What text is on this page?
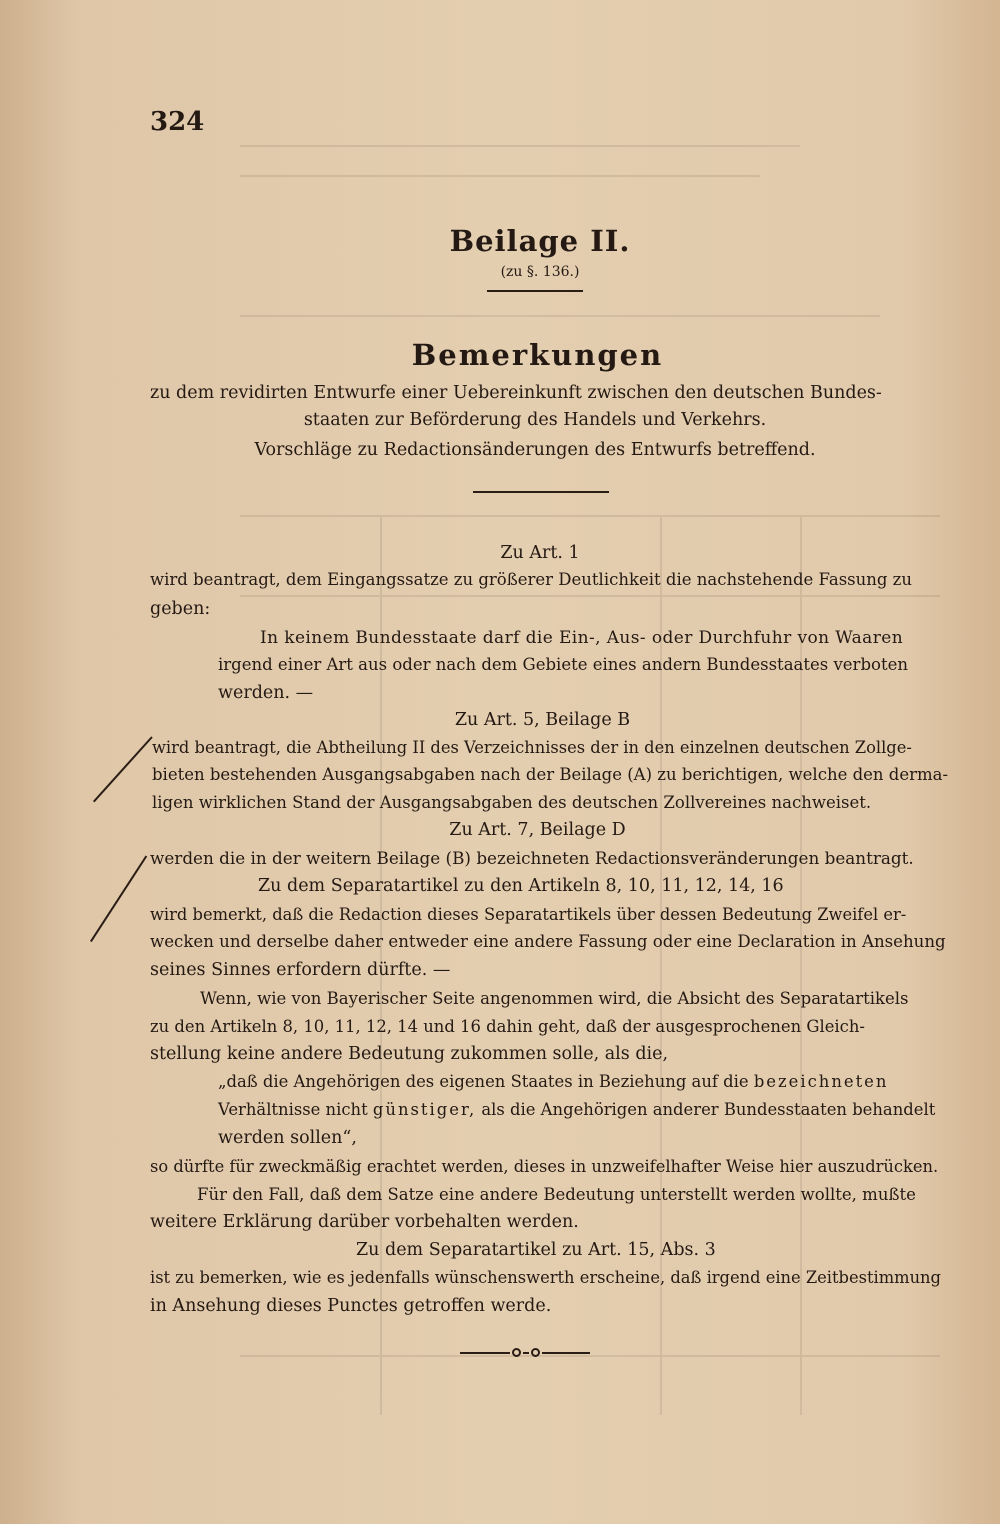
324
Beilage II.
(zu §. 136.)
Bemerkungen
zu dem revidirten Entwurfe einer Uebereinkunft zwischen den deutschen Bundes-
staaten zur Beförderung des Handels und Verkehrs.
Vorschläge zu Redactionsänderungen des Entwurfs betreffend.
Zu Art. 1
wird beantragt, dem Eingangssatze zu größerer Deutlichkeit die nachstehende Fassung zu
geben:
In keinem Bundesstaate darf die Ein-, Aus- oder Durchfuhr von Waaren
irgend einer Art aus oder nach dem Gebiete eines andern Bundesstaates verboten
werden. —
Zu Art. 5, Beilage B
wird beantragt, die Abtheilung II des Verzeichnisses der in den einzelnen deutschen Zollge-
bieten bestehenden Ausgangsabgaben nach der Beilage (A) zu berichtigen, welche den derma-
ligen wirklichen Stand der Ausgangsabgaben des deutschen Zollvereines nachweiset.
Zu Art. 7, Beilage D
werden die in der weitern Beilage (B) bezeichneten Redactionsveränderungen beantragt.
Zu dem Separatartikel zu den Artikeln 8, 10, 11, 12, 14, 16
wird bemerkt, daß die Redaction dieses Separatartikels über dessen Bedeutung Zweifel er-
wecken und derselbe daher entweder eine andere Fassung oder eine Declaration in Ansehung
seines Sinnes erfordern dürfte. —
Wenn, wie von Bayerischer Seite angenommen wird, die Absicht des Separatartikels
zu den Artikeln 8, 10, 11, 12, 14 und 16 dahin geht, daß der ausgesprochenen Gleich-
stellung keine andere Bedeutung zukommen solle, als die,
„daß die Angehörigen des eigenen Staates in Beziehung auf die bezeichneten
Verhältnisse nicht günstiger, als die Angehörigen anderer Bundesstaaten behandelt
werden sollen“,
so dürfte für zweckmäßig erachtet werden, dieses in unzweifelhafter Weise hier auszudrücken.
Für den Fall, daß dem Satze eine andere Bedeutung unterstellt werden wollte, mußte
weitere Erklärung darüber vorbehalten werden.
Zu dem Separatartikel zu Art. 15, Abs. 3
ist zu bemerken, wie es jedenfalls wünschenswerth erscheine, daß irgend eine Zeitbestimmung
in Ansehung dieses Punctes getroffen werde.
